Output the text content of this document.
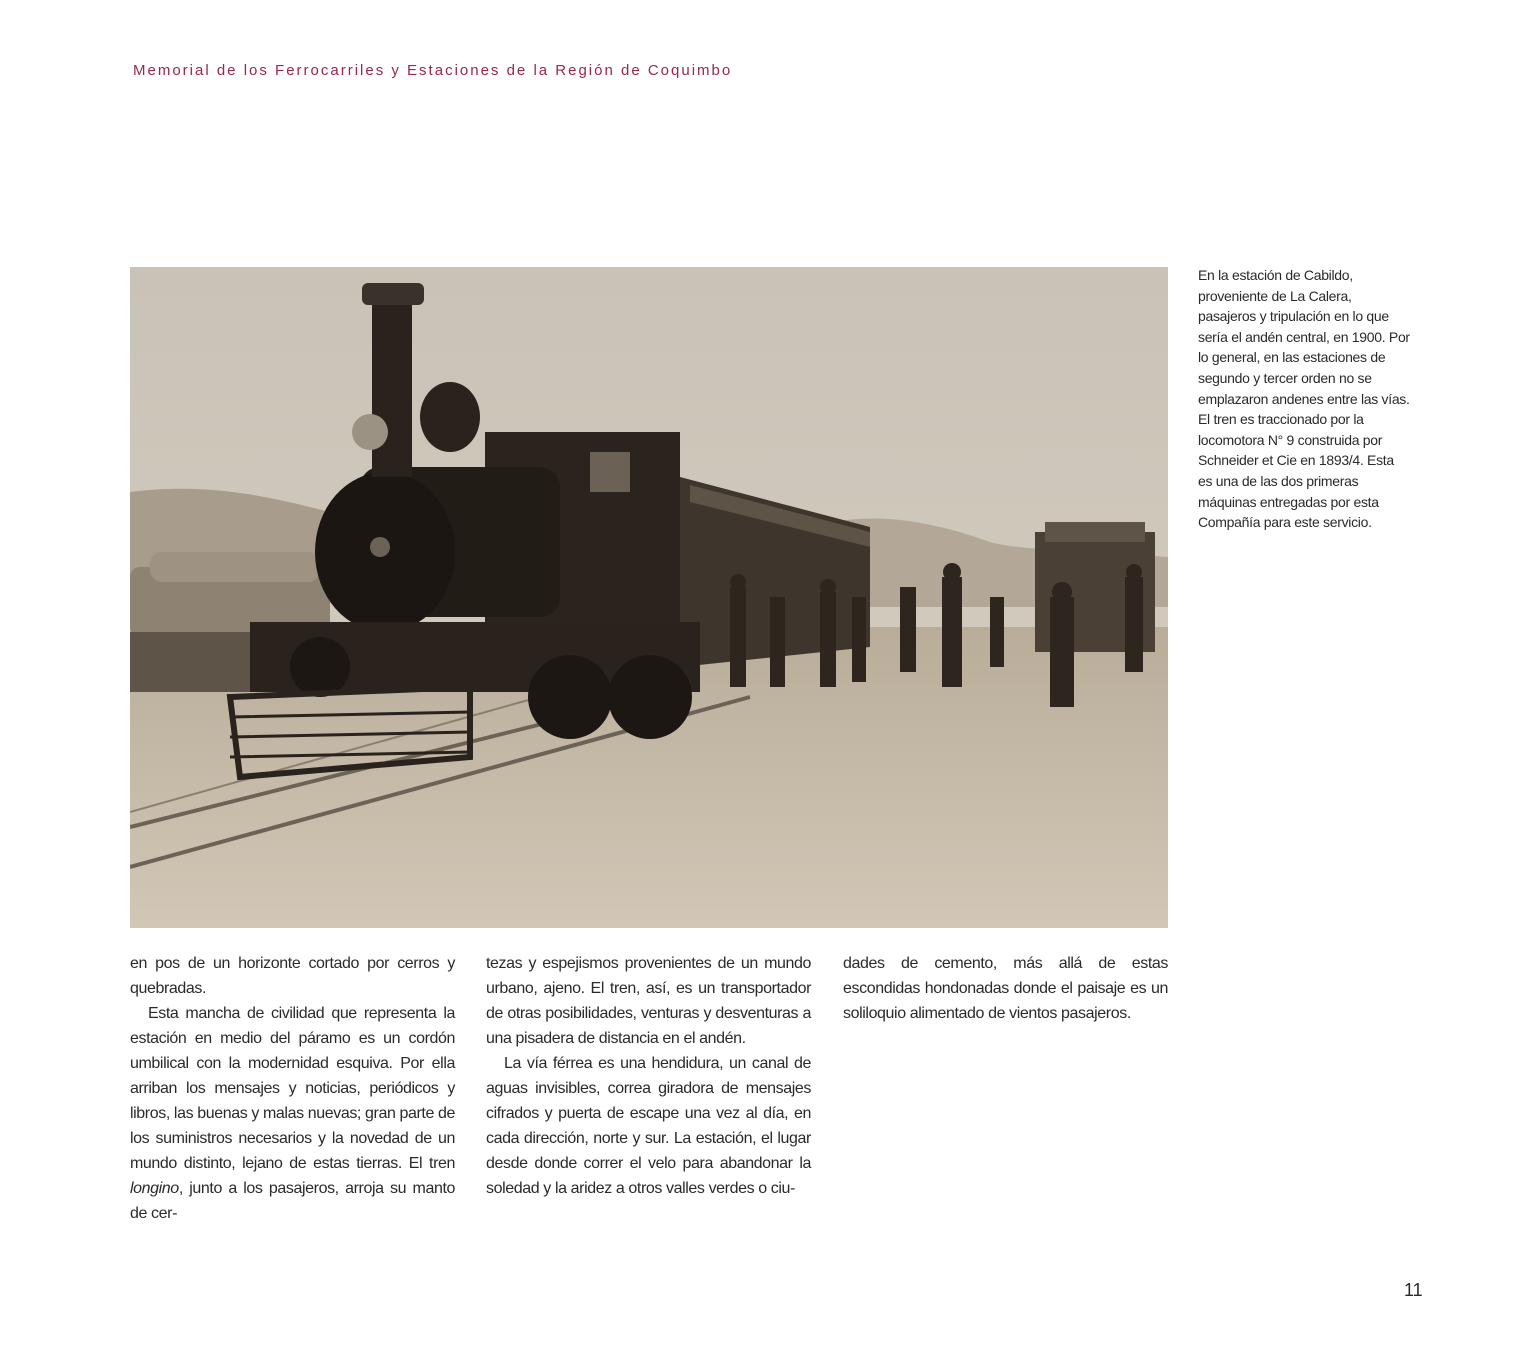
Memorial de los Ferrocarriles y Estaciones de la Región de Coquimbo
En la estación de Cabildo, proveniente de La Calera, pasajeros y tripulación en lo que sería el andén central, en 1900. Por lo general, en las estaciones de segundo y tercer orden no se emplazaron andenes entre las vías. El tren es traccionado por la locomotora N° 9 construida por Schneider et Cie en 1893/4. Esta es una de las dos primeras máquinas entregadas por esta Compañía para este servicio.

en pos de un horizonte cortado por cerros y quebradas.

Esta mancha de civilidad que representa la estación en medio del páramo es un cordón umbilical con la modernidad esquiva. Por ella arriban los mensajes y noticias, periódicos y libros, las buenas y malas nuevas; gran parte de los suministros necesarios y la novedad de un mundo distinto, lejano de estas tierras. El tren longino, junto a los pasajeros, arroja su manto de cer-

tezas y espejismos provenientes de un mundo urbano, ajeno. El tren, así, es un transportador de otras posibilidades, venturas y desventuras a una pisadera de distancia en el andén.

La vía férrea es una hendidura, un canal de aguas invisibles, correa giradora de mensajes cifrados y puerta de escape una vez al día, en cada dirección, norte y sur. La estación, el lugar desde donde correr el velo para abandonar la soledad y la aridez a otros valles verdes o ciu-

dades de cemento, más allá de estas escondidas hondonadas donde el paisaje es un soliloquio alimentado de vientos pasajeros.

11
